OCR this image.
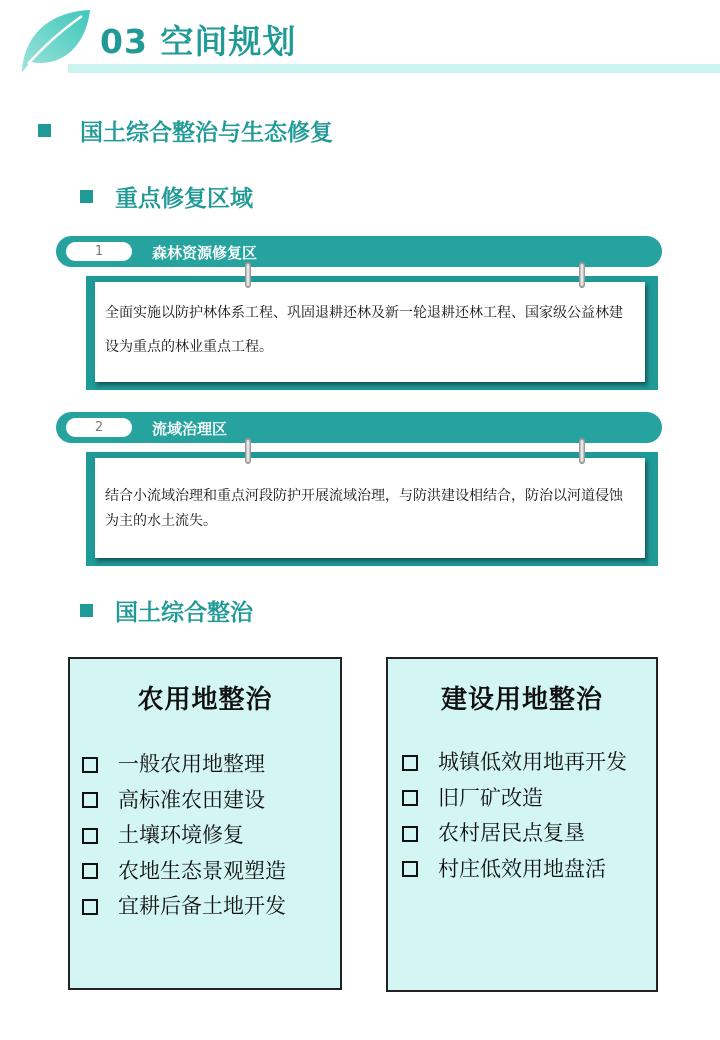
03 空间规划
国土综合整治与生态修复
重点修复区域
1	森林资源修复区
全面实施以防护林体系工程、巩固退耕还林及新一轮退耕还林工程、国家级公益林建设为重点的林业重点工程。
2	流域治理区
结合小流域治理和重点河段防护开展流域治理，与防洪建设相结合，防治以河道侵蚀为主的水土流失。
国土综合整治
农用地整治
一般农用地整理
高标准农田建设
土壤环境修复
农地生态景观塑造
宜耕后备土地开发
建设用地整治
城镇低效用地再开发
旧厂矿改造
农村居民点复垦
村庄低效用地盘活
